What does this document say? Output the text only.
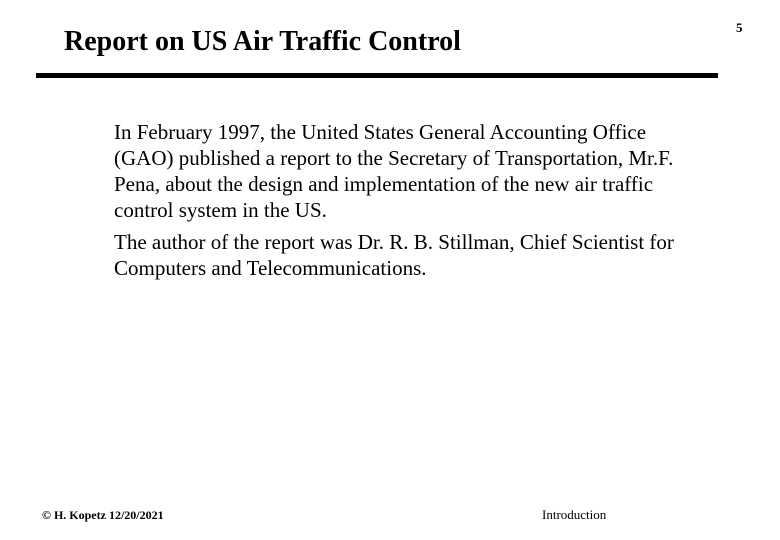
Report on US Air Traffic Control	5

In February 1997, the United States General Accounting Office (GAO) published a report to the Secretary of Transportation, Mr.F. Pena, about the design and implementation of the new air traffic control system in the US.

The author of the report was Dr. R. B. Stillman, Chief Scientist for Computers and Telecommunications.

© H. Kopetz 12/20/2021	Introduction
